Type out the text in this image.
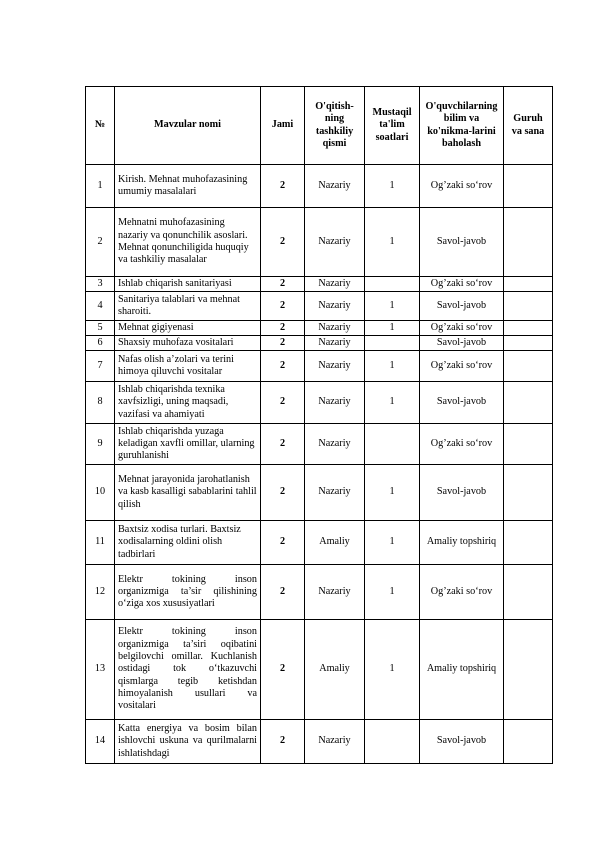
№	Mavzular nomi	Jami	O'qitish-ning tashkiliy qismi	Mustaqil ta'lim soatlari	O'quvchilarning bilim va ko'nikma-larini baholash	Guruh va sana
1	Kirish. Mehnat muhofazasining umumiy masalalari	2	Nazariy	1	Og’zaki so‘rov	
2	Mehnatni muhofazasining nazariy va qonunchilik asoslari. Mehnat qonunchiligida huquqiy va tashkiliy masalalar	2	Nazariy	1	Savol-javob	
3	Ishlab chiqarish sanitariyasi	2	Nazariy		Og’zaki so‘rov	
4	Sanitariya talablari va mehnat sharoiti.	2	Nazariy	1	Savol-javob	
5	Mehnat gigiyenasi	2	Nazariy	1	Og’zaki so‘rov	
6	Shaxsiy muhofaza vositalari	2	Nazariy		Savol-javob	
7	Nafas olish a’zolari va terini himoya qiluvchi vositalar	2	Nazariy	1	Og’zaki so‘rov	
8	Ishlab chiqarishda texnika xavfsizligi, uning maqsadi, vazifasi va ahamiyati	2	Nazariy	1	Savol-javob	
9	Ishlab chiqarishda yuzaga keladigan xavfli omillar, ularning guruhlanishi	2	Nazariy		Og’zaki so‘rov	
10	Mehnat jarayonida jarohatlanish va kasb kasalligi sabablarini tahlil qilish	2	Nazariy	1	Savol-javob	
11	Baxtsiz xodisa turlari. Baxtsiz xodisalarning oldini olish tadbirlari	2	Amaliy	1	Amaliy topshiriq	
12	Elektr tokining inson organizmiga ta’sir qilishining o‘ziga xos xususiyatlari	2	Nazariy	1	Og’zaki so‘rov	
13	Elektr tokining inson organizmiga ta’siri oqibatini belgilovchi omillar. Kuchlanish ostidagi tok o‘tkazuvchi qismlarga tegib ketishdan himoyalanish usullari va vositalari	2	Amaliy	1	Amaliy topshiriq	
14	Katta energiya va bosim bilan ishlovchi uskuna va qurilmalarni ishlatishdagi	2	Nazariy		Savol-javob	
